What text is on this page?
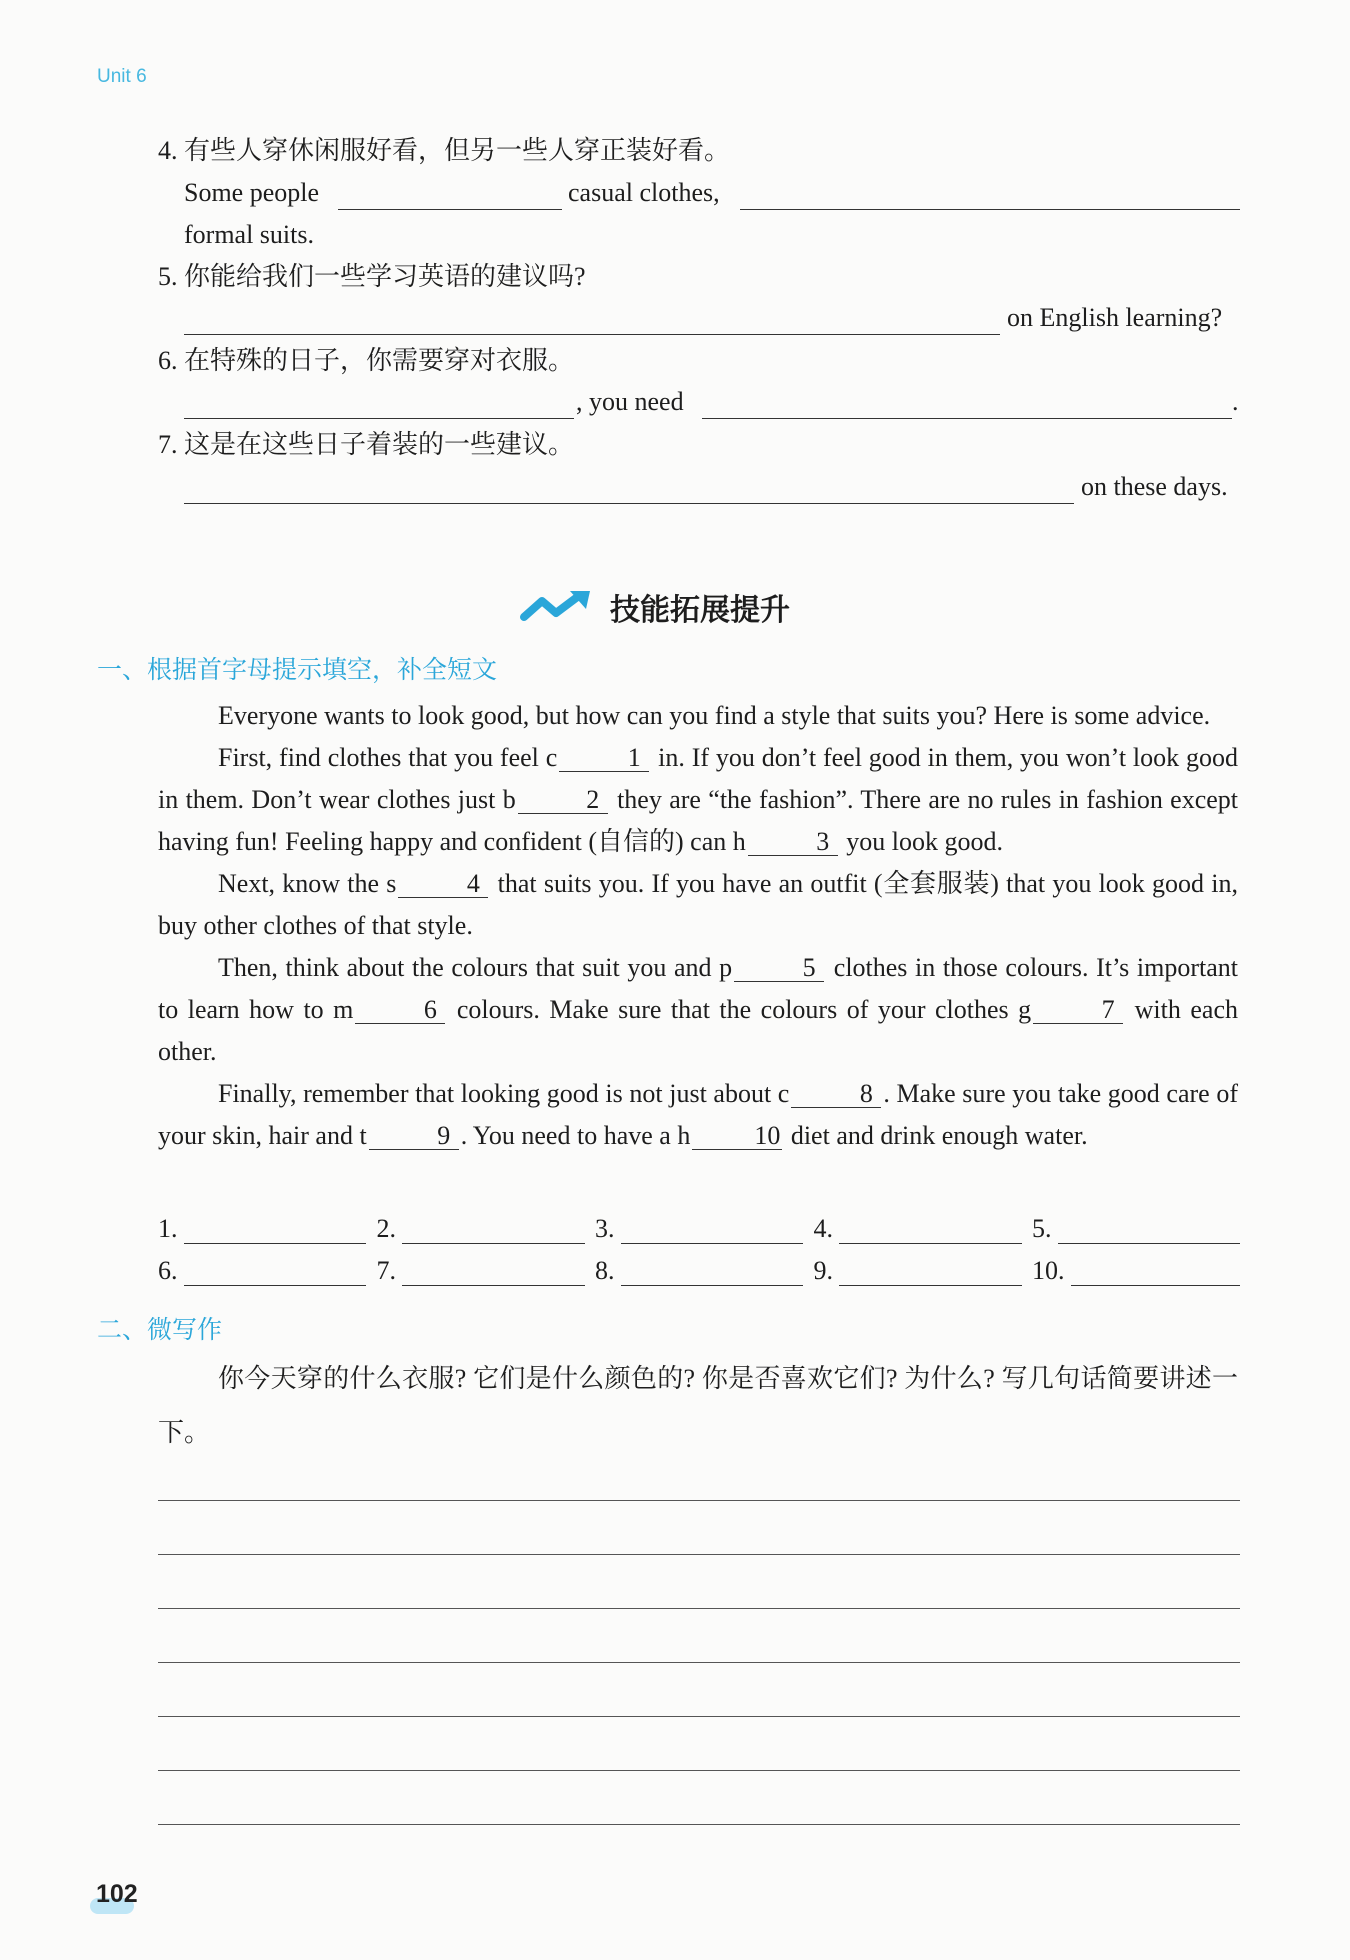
Unit 6
4. 有些人穿休闲服好看，但另一些人穿正装好看。
Some people	casual clothes,
formal suits.
5. 你能给我们一些学习英语的建议吗?
on English learning?
6. 在特殊的日子，你需要穿对衣服。
, you need	.
7. 这是在这些日子着装的一些建议。
on these days.
技能拓展提升
一、根据首字母提示填空，补全短文

Everyone wants to look good, but how can you find a style that suits you? Here is some advice.

First, find clothes that you feel c	1 in. If you don’t feel good in them, you won’t look good in them. Don’t wear clothes just b	2 they are “the fashion”. There are no rules in fashion except having fun! Feeling happy and confident (自信的) can h	3 you look good.

Next, know the s	4 that suits you. If you have an outfit (全套服装) that you look good in, buy other clothes of that style.

Then, think about the colours that suit you and p	5 clothes in those colours. It’s important to learn how to m	6 colours. Make sure that the colours of your clothes g	7 with each other.

Finally, remember that looking good is not just about c	8 . Make sure you take good care of your skin, hair and t	9 . You need to have a h 10 diet and drink enough water.

1.	2.	3.	4.	5.
6.	7.	8.	9.	10.
二、微写作

你今天穿的什么衣服? 它们是什么颜色的? 你是否喜欢它们? 为什么? 写几句话简要讲述一下。

102
